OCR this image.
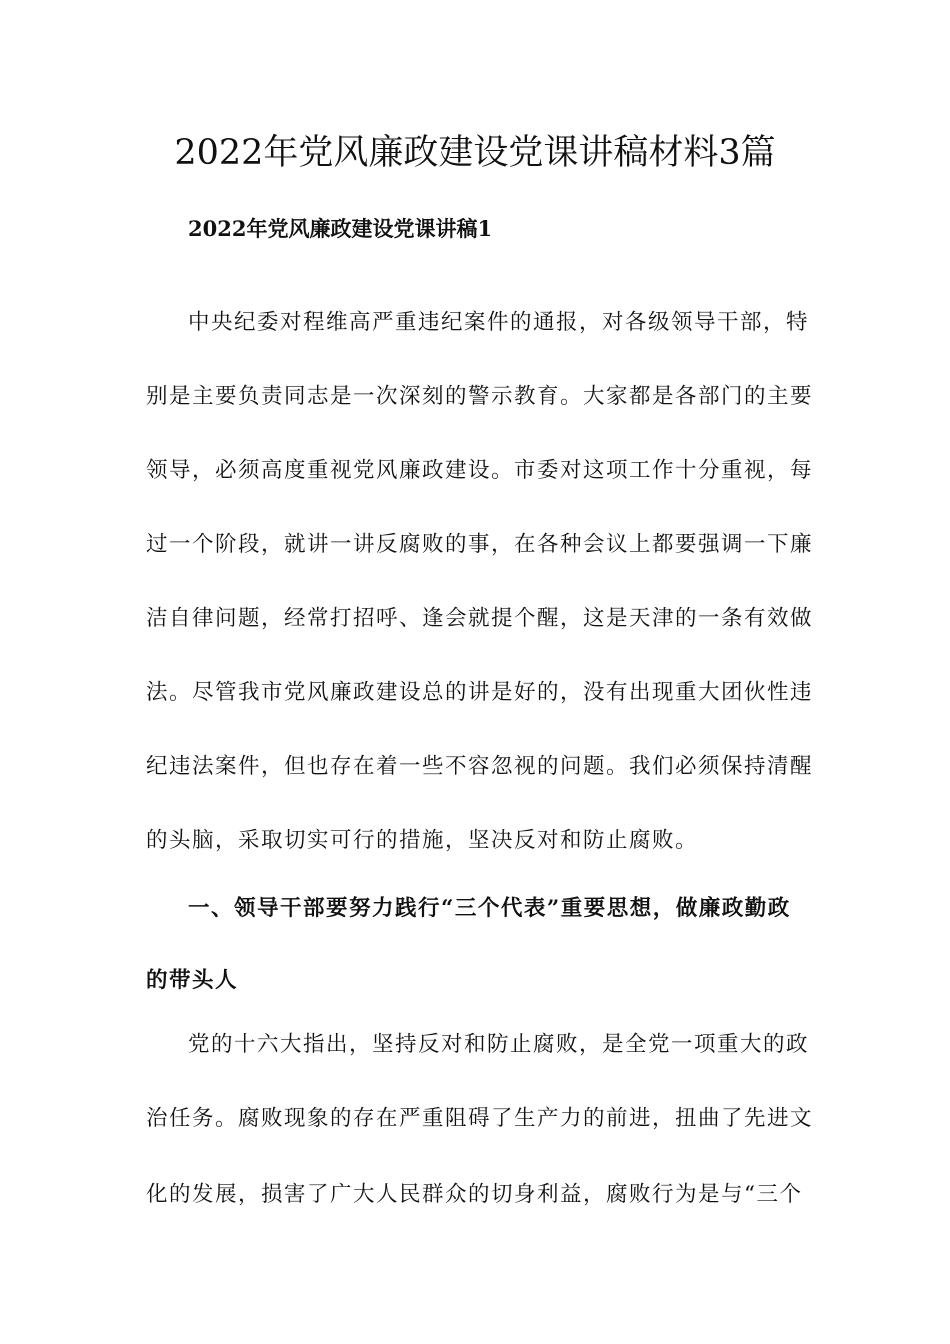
2022年党风廉政建设党课讲稿材料3篇
2022年党风廉政建设党课讲稿1

中央纪委对程维高严重违纪案件的通报，对各级领导干部，特

别是主要负责同志是一次深刻的警示教育。大家都是各部门的主要

领导，必须高度重视党风廉政建设。市委对这项工作十分重视，每

过一个阶段，就讲一讲反腐败的事，在各种会议上都要强调一下廉

洁自律问题，经常打招呼、逢会就提个醒，这是天津的一条有效做

法。尽管我市党风廉政建设总的讲是好的，没有出现重大团伙性违

纪违法案件，但也存在着一些不容忽视的问题。我们必须保持清醒

的头脑，采取切实可行的措施，坚决反对和防止腐败。

一、领导干部要努力践行“三个代表”重要思想，做廉政勤政

的带头人

党的十六大指出，坚持反对和防止腐败，是全党一项重大的政

治任务。腐败现象的存在严重阻碍了生产力的前进，扭曲了先进文

化的发展，损害了广大人民群众的切身利益，腐败行为是与“三个
